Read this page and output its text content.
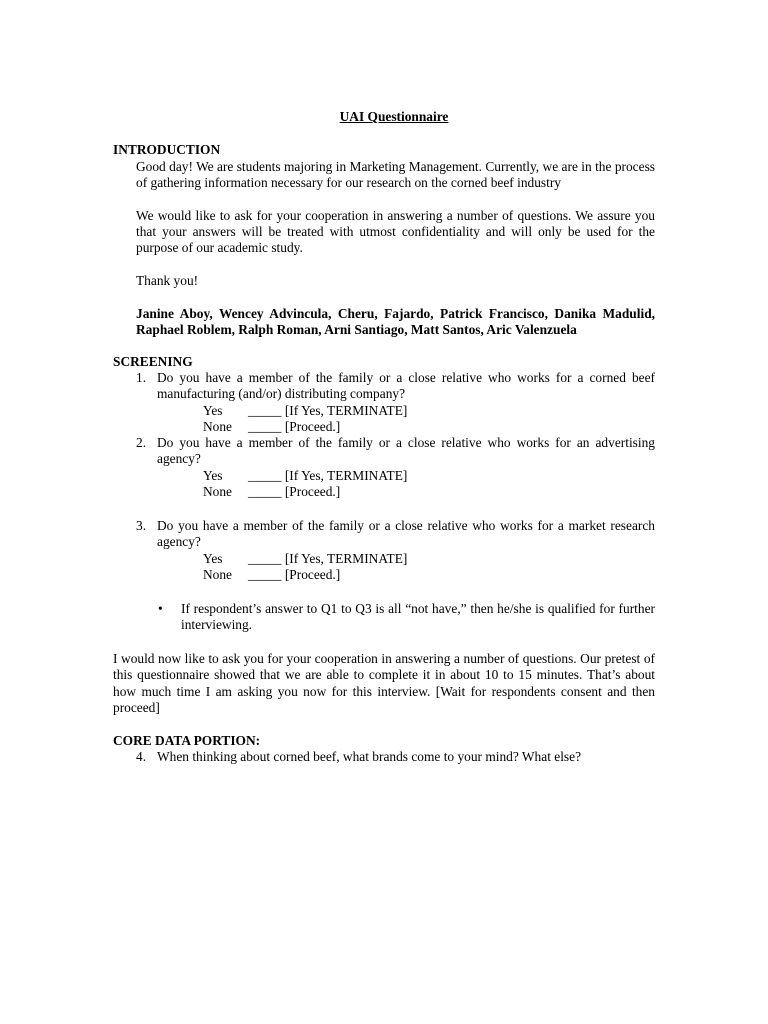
UAI Questionnaire
INTRODUCTION

Good day! We are students majoring in Marketing Management. Currently, we are in the process of gathering information necessary for our research on the corned beef industry

We would like to ask for your cooperation in answering a number of questions. We assure you that your answers will be treated with utmost confidentiality and will only be used for the purpose of our academic study.

Thank you!

Janine Aboy, Wencey Advincula, Cheru, Fajardo, Patrick Francisco, Danika Madulid, Raphael Roblem, Ralph Roman, Arni Santiago, Matt Santos, Aric Valenzuela

SCREENING
1. Do you have a member of the family or a close relative who works for a corned beef manufacturing (and/or) distributing company?
Yes _____ [If Yes, TERMINATE]
None _____ [Proceed.]
2. Do you have a member of the family or a close relative who works for an advertising agency?
Yes _____ [If Yes, TERMINATE]
None _____ [Proceed.]
3. Do you have a member of the family or a close relative who works for a market research agency?
Yes _____ [If Yes, TERMINATE]
None _____ [Proceed.]
• If respondent’s answer to Q1 to Q3 is all “not have,” then he/she is qualified for further interviewing.
I would now like to ask you for your cooperation in answering a number of questions. Our pretest of this questionnaire showed that we are able to complete it in about 10 to 15 minutes. That’s about how much time I am asking you now for this interview. [Wait for respondents consent and then proceed]
CORE DATA PORTION:
4. When thinking about corned beef, what brands come to your mind? What else?
